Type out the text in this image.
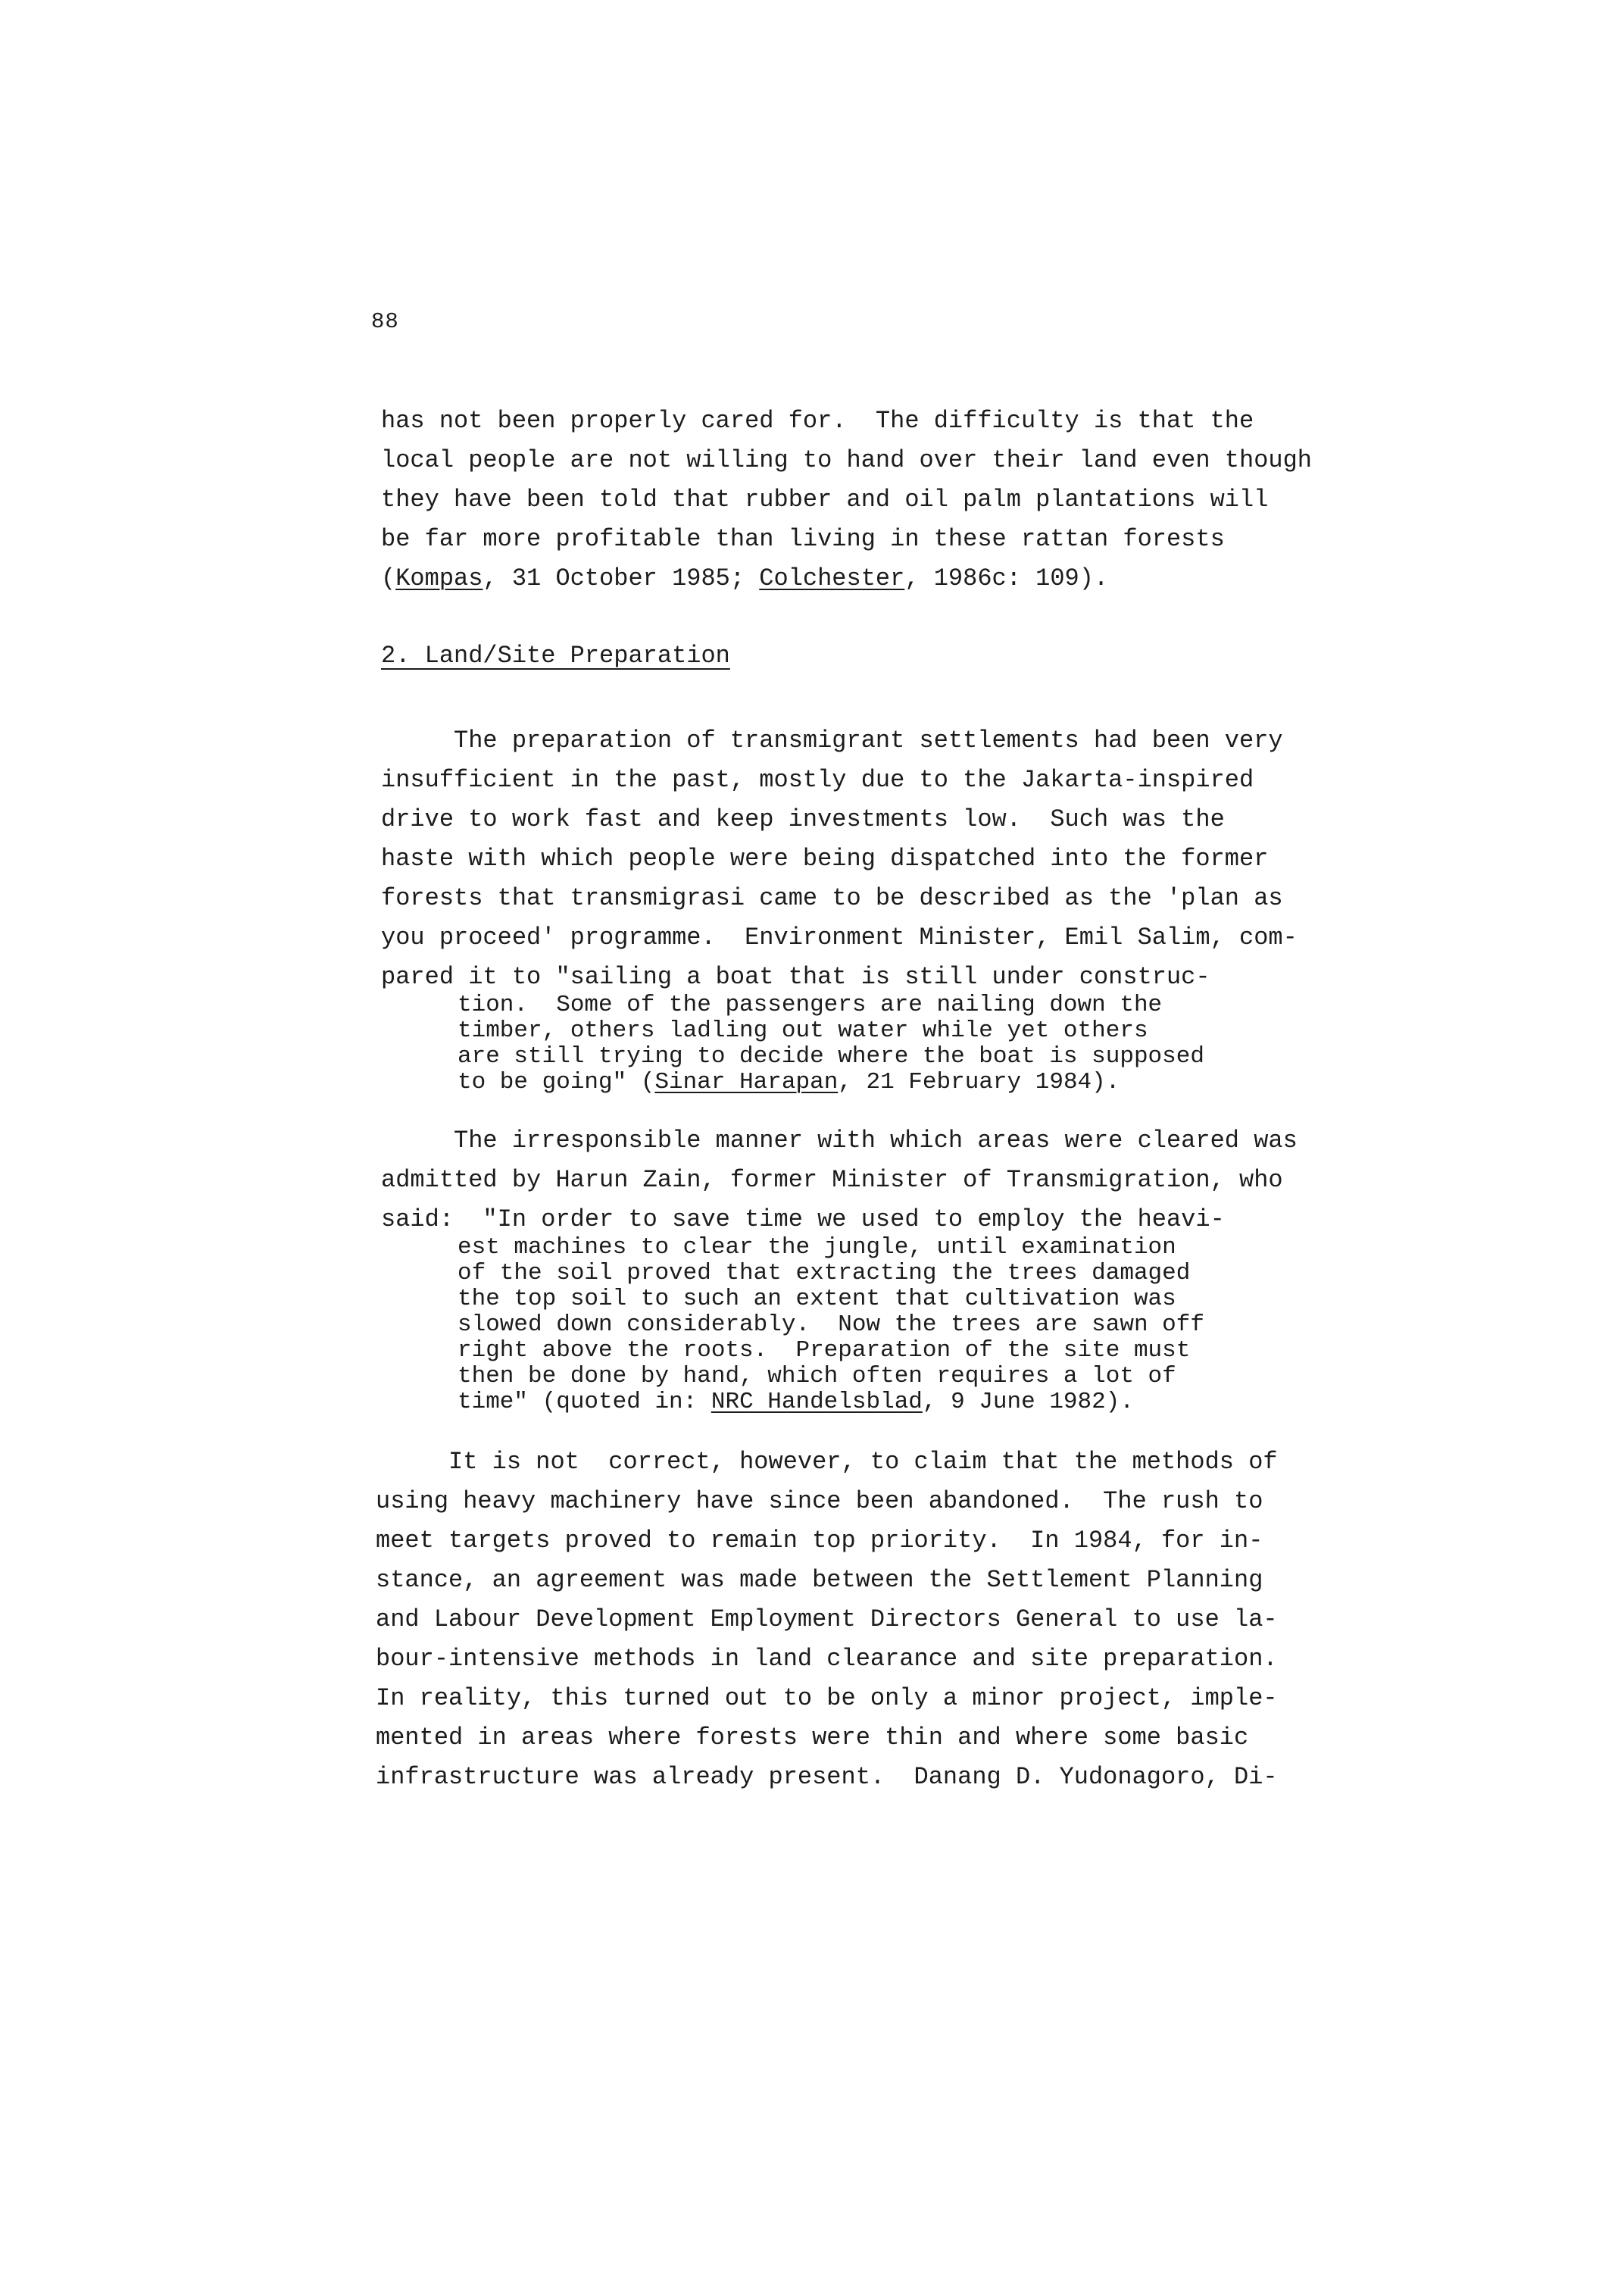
88
has not been properly cared for.  The difficulty is that the
local people are not willing to hand over their land even though
they have been told that rubber and oil palm plantations will
be far more profitable than living in these rattan forests
(Kompas, 31 October 1985; Colchester, 1986c: 109).
2. Land/Site Preparation
The preparation of transmigrant settlements had been very
insufficient in the past, mostly due to the Jakarta-inspired
drive to work fast and keep investments low.  Such was the
haste with which people were being dispatched into the former
forests that transmigrasi came to be described as the 'plan as
you proceed' programme.  Environment Minister, Emil Salim, com-
pared it to "sailing a boat that is still under construc-
tion.  Some of the passengers are nailing down the
timber, others ladling out water while yet others
are still trying to decide where the boat is supposed
to be going" (Sinar Harapan, 21 February 1984).
The irresponsible manner with which areas were cleared was
admitted by Harun Zain, former Minister of Transmigration, who
said:  "In order to save time we used to employ the heavi-
est machines to clear the jungle, until examination
of the soil proved that extracting the trees damaged
the top soil to such an extent that cultivation was
slowed down considerably.  Now the trees are sawn off
right above the roots.  Preparation of the site must
then be done by hand, which often requires a lot of
time" (quoted in: NRC Handelsblad, 9 June 1982).
It is not  correct, however, to claim that the methods of
using heavy machinery have since been abandoned.  The rush to
meet targets proved to remain top priority.  In 1984, for in-
stance, an agreement was made between the Settlement Planning
and Labour Development Employment Directors General to use la-
bour-intensive methods in land clearance and site preparation.
In reality, this turned out to be only a minor project, imple-
mented in areas where forests were thin and where some basic
infrastructure was already present.  Danang D. Yudonagoro, Di-
